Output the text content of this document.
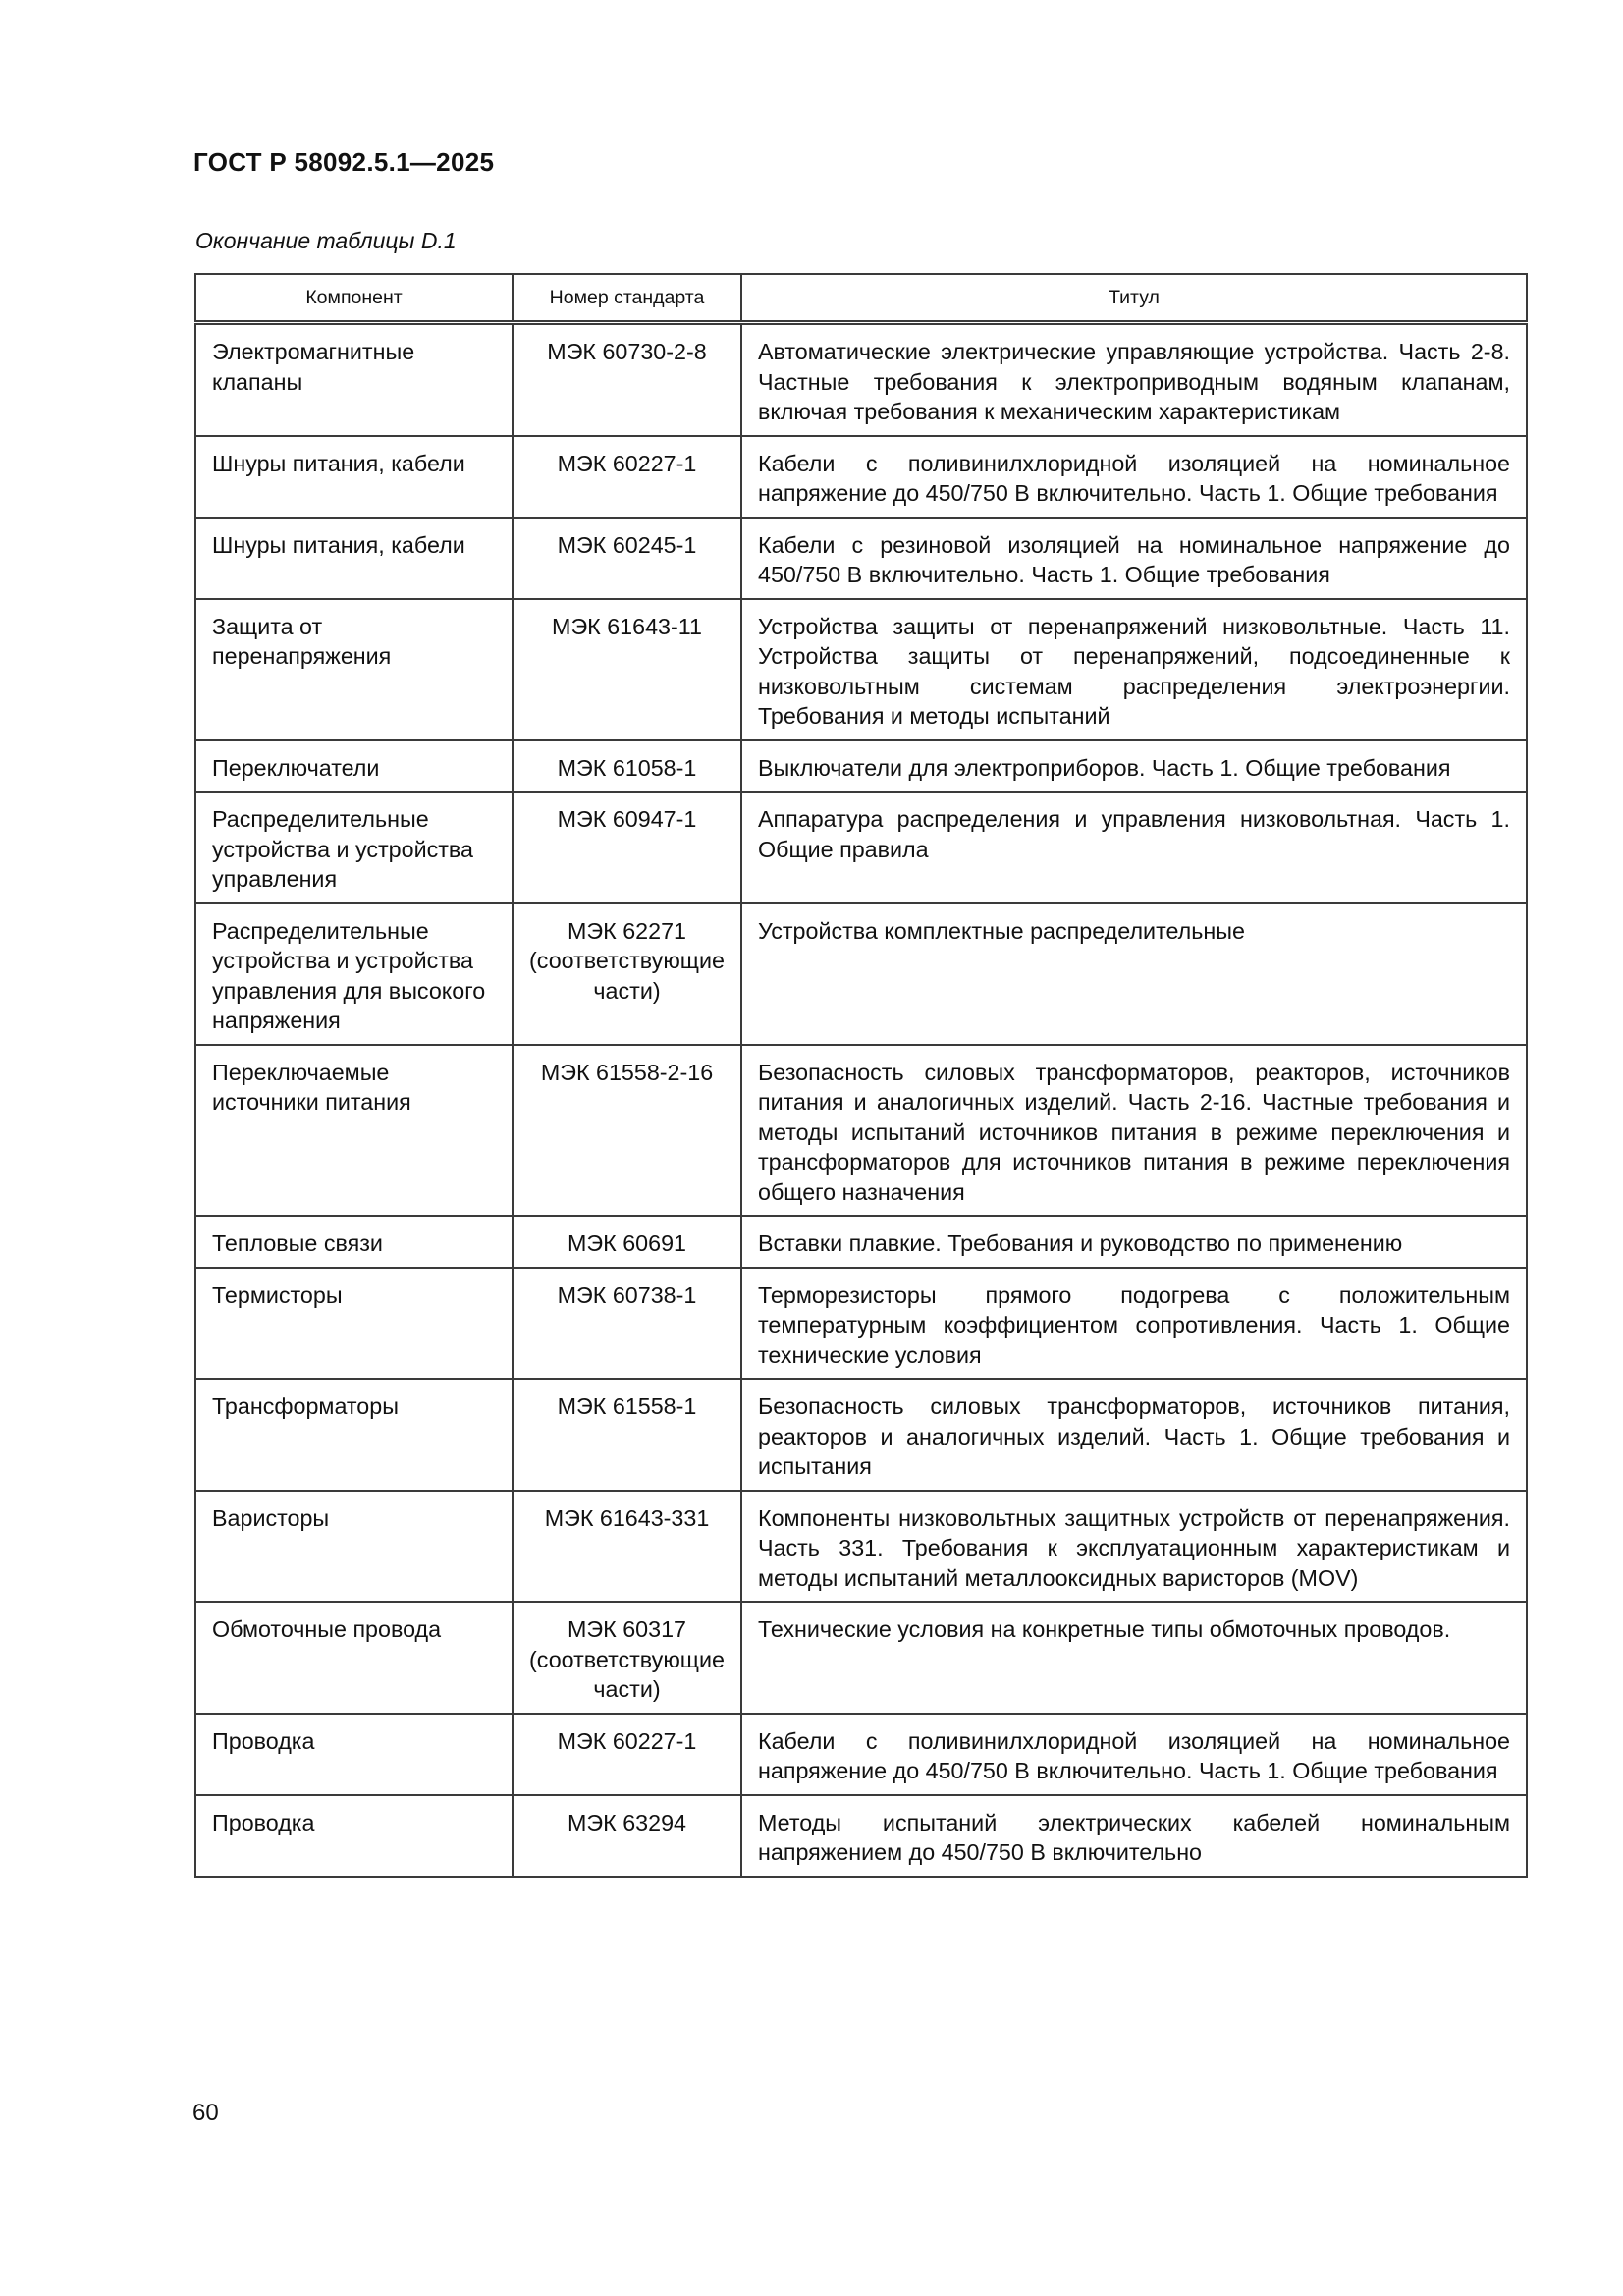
ГОСТ Р 58092.5.1—2025
Окончание таблицы D.1
Компонент	Номер стандарта	Титул
Электромагнитные клапаны	МЭК 60730-2-8	Автоматические электрические управляющие устройства. Часть 2-8. Частные требования к электроприводным водяным клапанам, включая требования к механическим характеристикам
Шнуры питания, кабели	МЭК 60227-1	Кабели с поливинилхлоридной изоляцией на номинальное напряжение до 450/750 В включительно. Часть 1. Общие требования
Шнуры питания, кабели	МЭК 60245-1	Кабели с резиновой изоляцией на номинальное напряжение до 450/750 В включительно. Часть 1. Общие требования
Защита от перенапряжения	МЭК 61643-11	Устройства защиты от перенапряжений низковольтные. Часть 11. Устройства защиты от перенапряжений, подсоединенные к низковольтным системам распределения электроэнергии. Требования и методы испытаний
Переключатели	МЭК 61058-1	Выключатели для электроприборов. Часть 1. Общие требования
Распределительные устройства и устройства управления	МЭК 60947-1	Аппаратура распределения и управления низковольтная. Часть 1. Общие правила
Распределительные устройства и устройства управления для высокого напряжения	МЭК 62271 (соответствующие части)	Устройства комплектные распределительные
Переключаемые источники питания	МЭК 61558-2-16	Безопасность силовых трансформаторов, реакторов, источников питания и аналогичных изделий. Часть 2-16. Частные требования и методы испытаний источников питания в режиме переключения и трансформаторов для источников питания в режиме переключения общего назначения
Тепловые связи	МЭК 60691	Вставки плавкие. Требования и руководство по применению
Термисторы	МЭК 60738-1	Терморезисторы прямого подогрева с положительным температурным коэффициентом сопротивления. Часть 1. Общие технические условия
Трансформаторы	МЭК 61558-1	Безопасность силовых трансформаторов, источников питания, реакторов и аналогичных изделий. Часть 1. Общие требования и испытания
Варисторы	МЭК 61643-331	Компоненты низковольтных защитных устройств от перенапряжения. Часть 331. Требования к эксплуатационным характеристикам и методы испытаний металлооксидных варисторов (MOV)
Обмоточные провода	МЭК 60317 (соответствующие части)	Технические условия на конкретные типы обмоточных проводов.
Проводка	МЭК 60227-1	Кабели с поливинилхлоридной изоляцией на номинальное напряжение до 450/750 В включительно. Часть 1. Общие требования
Проводка	МЭК 63294	Методы испытаний электрических кабелей номинальным напряжением до 450/750 В включительно
60
